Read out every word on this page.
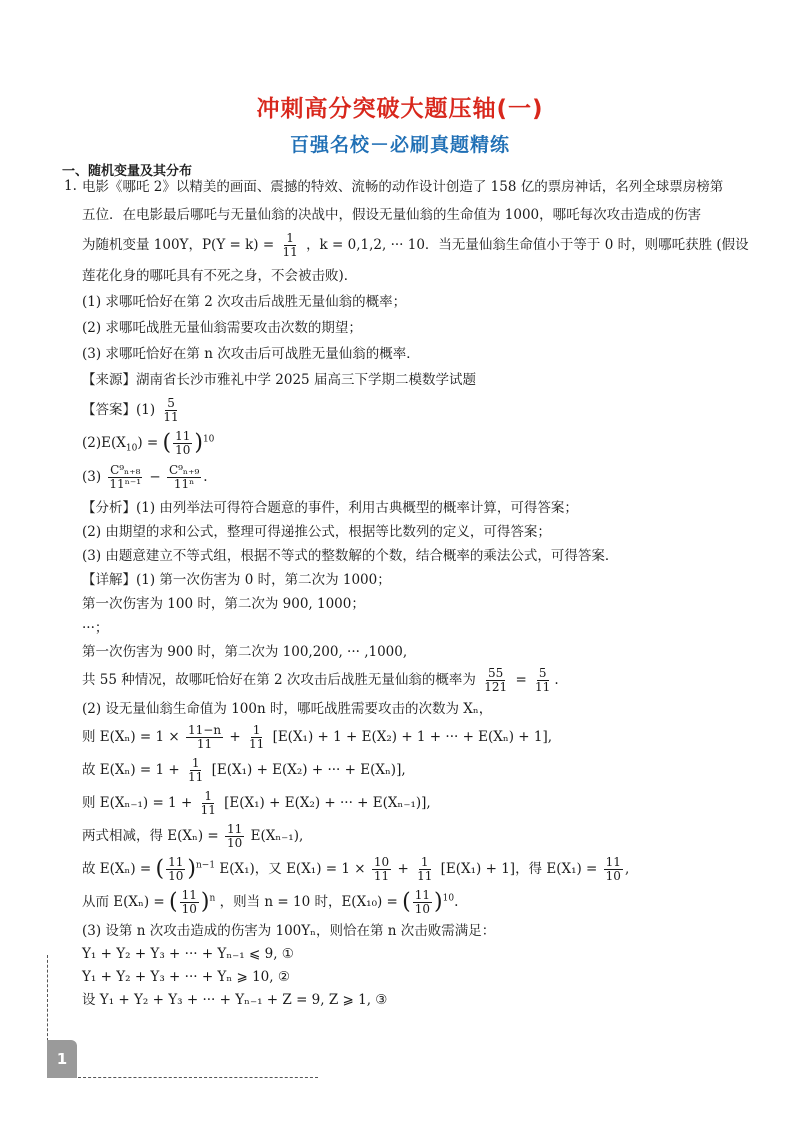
冲刺高分突破大题压轴(一)
百强名校－必刷真题精练
一、随机变量及其分布
1. 电影《哪吒 2》以精美的画面、震撼的特效、流畅的动作设计创造了 158 亿的票房神话，名列全球票房榜第

五位．在电影最后哪吒与无量仙翁的决战中，假设无量仙翁的生命值为 1000，哪吒每次攻击造成的伤害

为随机变量 100Y，$P(Y = k) = \frac{1}{11}$ ，k = 0,1,2, ··· 10．当无量仙翁生命值小于等于 0 时，则哪吒获胜 (假设

莲花化身的哪吒具有不死之身，不会被击败)．

(1) 求哪吒恰好在第 2 次攻击后战胜无量仙翁的概率；

(2) 求哪吒战胜无量仙翁需要攻击次数的期望；

(3) 求哪吒恰好在第 n 次攻击后可战胜无量仙翁的概率．

【来源】湖南省长沙市雅礼中学 2025 届高三下学期二模数学试题

【答案】$(1) \frac{5}{11}$

$(2)E(X_{10})$ = ( $\frac{11}{10} )^{10}$

$(3) \frac{\text{C⁹ₙ₊₈}}{\text{11ⁿ⁻¹}} - \frac{\text{C⁹ₙ₊₉}}{\text{11ⁿ}}$ .

【分析】(1) 由列举法可得符合题意的事件，利用古典概型的概率计算，可得答案；

(2) 由期望的求和公式，整理可得递推公式，根据等比数列的定义，可得答案；

(3) 由题意建立不等式组，根据不等式的整数解的个数，结合概率的乘法公式，可得答案．

【详解】(1) 第一次伤害为 0 时，第二次为 1000；

第一次伤害为 100 时，第二次为 900, 1000；

···；

第一次伤害为 900 时，第二次为 100,200, ··· ,1000,

共 55 种情况，故哪吒恰好在第 2 次攻击后战胜无量仙翁的概率为 $\frac{55}{121} = \frac{5}{11}$ .

(2) 设无量仙翁生命值为 100n 时，哪吒战胜需要攻击的次数为 Xₙ，

则 $E(X_n) = 1 \times \frac{11-n}{11} + \frac{1}{11} [E(X_1) + 1 + E(X_2) + 1$ + ··· + E(Xₙ) + 1],

故 $E(X_n) = 1 + \frac{1}{11} [E(X_1) + E(X_2)$ + ··· + E(Xₙ)],

则 $E(X_{n-1}) = 1 + \frac{1}{11} [E(X_1) + E(X_2)$ + ··· + E(Xₙ₋₁)],

两式相减，得 $E(X_n) = \frac{11}{10} E(X_{n-1})$,

故 E(Xₙ) = ( $\frac{11}{10} )^{n-1}$ E(X₁)，又 $E(X_1) = 1 \times \frac{10}{11} + \frac{1}{11} [E(X_1) + 1]$，得 $E(X_1) = \frac{11}{10}$ ,

从而 E(Xₙ) = ( $\frac{11}{10} )^n$ ，则当 n = 10 时，E(X₁₀) = ( $\frac{11}{10} )^{10}$.

(3) 设第 n 次攻击造成的伤害为 100Yₙ，则恰在第 n 次击败需满足：

Y₁ + Y₂ + Y₃ + ··· + Yₙ₋₁ ⩽ 9, ①

Y₁ + Y₂ + Y₃ + ··· + Yₙ ⩾ 10, ②

设 Y₁ + Y₂ + Y₃ + ··· + Yₙ₋₁ + Z = 9, Z ⩾ 1, ③

1
